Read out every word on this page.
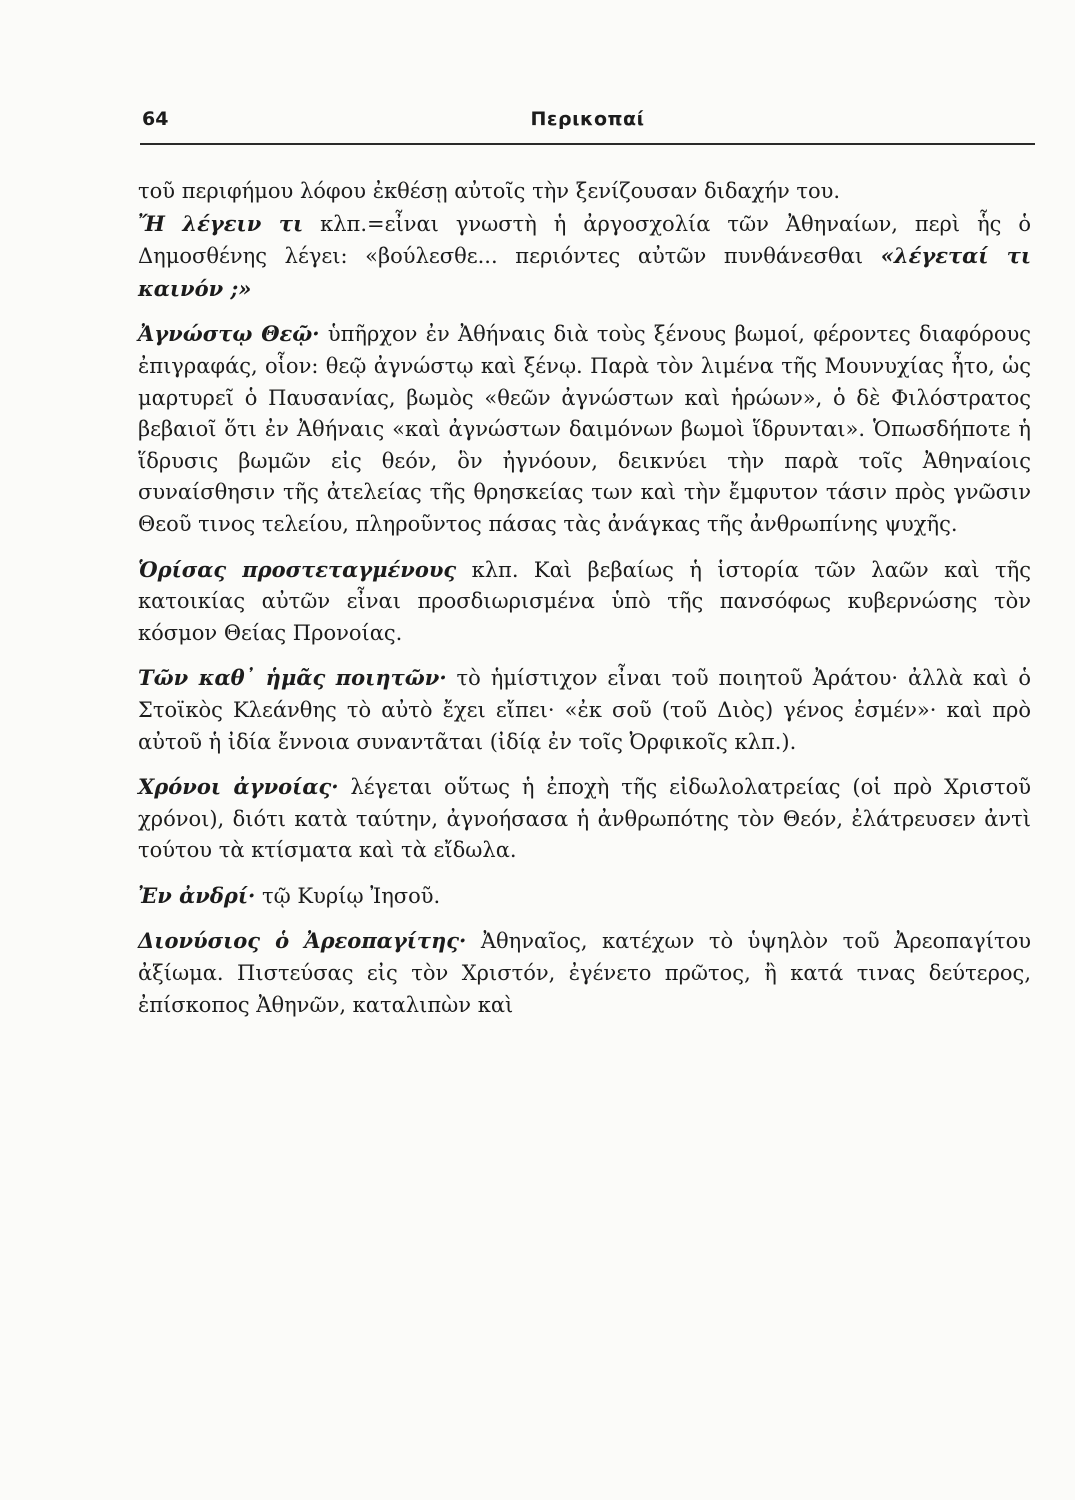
64	Περικοπαί

τοῦ περιφήμου λόφου ἐκθέσῃ αὐτοῖς τὴν ξενίζουσαν διδαχήν του.

Ἤ λέγειν τι κλπ.=εἶναι γνωστὴ ἡ ἀργοσχολία τῶν Ἀθηναίων, περὶ ἧς ὁ Δημοσθένης λέγει: «βούλεσθε... περιόντες αὐτῶν πυνθάνεσθαι «λέγεταί τι καινόν ;»

Ἀγνώστῳ Θεῷ· ὑπῆρχον ἐν Ἀθήναις διὰ τοὺς ξένους βωμοί, φέροντες διαφόρους ἐπιγραφάς, οἷον: θεῷ ἀγνώστῳ καὶ ξένῳ. Παρὰ τὸν λιμένα τῆς Μουνυχίας ἦτο, ὡς μαρτυρεῖ ὁ Παυσανίας, βωμὸς «θεῶν ἀγνώστων καὶ ἡρώων», ὁ δὲ Φιλόστρατος βεβαιοῖ ὅτι ἐν Ἀθήναις «καὶ ἀγνώστων δαιμόνων βωμοὶ ἵδρυνται». Ὁπωσδήποτε ἡ ἵδρυσις βωμῶν εἰς θεόν, ὃν ἠγνόουν, δεικνύει τὴν παρὰ τοῖς Ἀθηναίοις συναίσθησιν τῆς ἀτελείας τῆς θρησκείας των καὶ τὴν ἔμφυτον τάσιν πρὸς γνῶσιν Θεοῦ τινος τελείου, πληροῦντος πάσας τὰς ἀνάγκας τῆς ἀνθρωπίνης ψυχῆς.

Ὁρίσας προστεταγμένους κλπ. Καὶ βεβαίως ἡ ἱστορία τῶν λαῶν καὶ τῆς κατοικίας αὐτῶν εἶναι προσδιωρισμένα ὑπὸ τῆς πανσόφως κυβερνώσης τὸν κόσμον Θείας Προνοίας.

Τῶν καθ᾿ ἡμᾶς ποιητῶν· τὸ ἡμίστιχον εἶναι τοῦ ποιητοῦ Ἀράτου· ἀλλὰ καὶ ὁ Στοϊκὸς Κλεάνθης τὸ αὐτὸ ἔχει εἴπει· «ἐκ σοῦ (τοῦ Διὸς) γένος ἐσμέν»· καὶ πρὸ αὐτοῦ ἡ ἰδία ἔννοια συναντᾶται (ἰδίᾳ ἐν τοῖς Ὀρφικοῖς κλπ.).

Χρόνοι ἀγνοίας· λέγεται οὕτως ἡ ἐποχὴ τῆς εἰδωλολατρείας (οἱ πρὸ Χριστοῦ χρόνοι), διότι κατὰ ταύτην, ἀγνοήσασα ἡ ἀνθρωπότης τὸν Θεόν, ἐλάτρευσεν ἀντὶ τούτου τὰ κτίσματα καὶ τὰ εἴδωλα.

Ἐν ἀνδρί· τῷ Κυρίῳ Ἰησοῦ.

Διονύσιος ὁ Ἀρεοπαγίτης· Ἀθηναῖος, κατέχων τὸ ὑψηλὸν τοῦ Ἀρεοπαγίτου ἀξίωμα. Πιστεύσας εἰς τὸν Χριστόν, ἐγένετο πρῶτος, ἢ κατά τινας δεύτερος, ἐπίσκοπος Ἀθηνῶν, καταλιπὼν καὶ
